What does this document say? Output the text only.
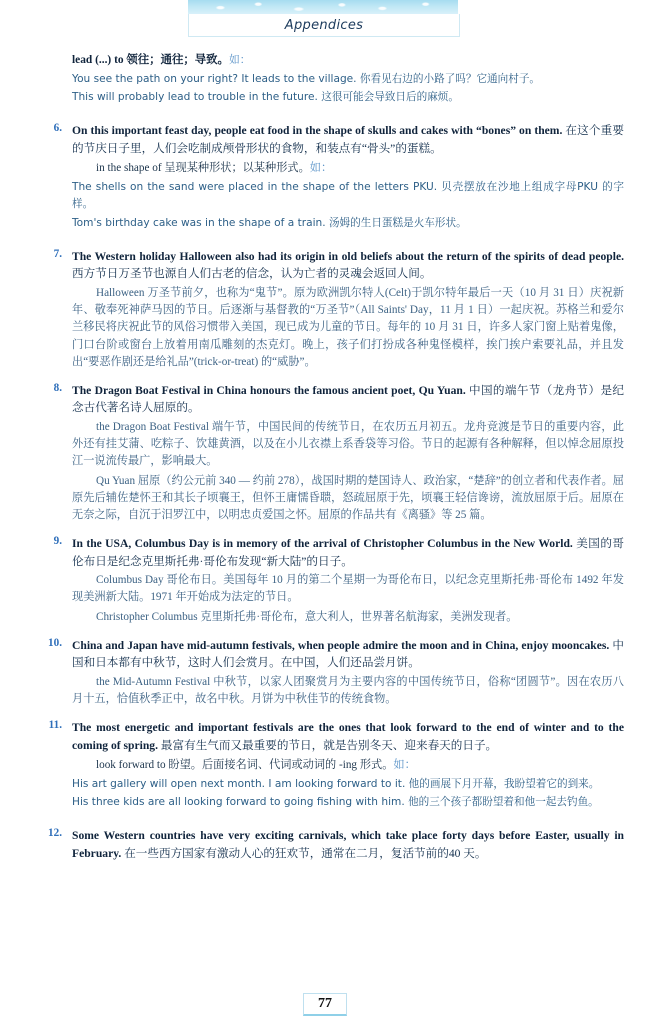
Appendices
lead (...) to 领往；通往；导致。如：
You see the path on your right? It leads to the village. 你看见右边的小路了吗？它通向村子。
This will probably lead to trouble in the future. 这很可能会导致日后的麻烦。
6. On this important feast day, people eat food in the shape of skulls and cakes with “bones” on them. 在这个重要的节庆日子里，人们会吃制成颅骨形状的食物，和装点有“骨头”的蛋糕。
in the shape of 呈现某种形状；以某种形式。如：
The shells on the sand were placed in the shape of the letters PKU. 贝壳摆放在沙地上组成字母PKU 的字样。
Tom's birthday cake was in the shape of a train. 汤姆的生日蛋糕是火车形状。
7. The Western holiday Halloween also had its origin in old beliefs about the return of the spirits of dead people. 西方节日万圣节也源自人们古老的信念，认为亡者的灵魂会返回人间。
Halloween 万圣节前夕，也称为“鬼节”。原为欧洲凯尔特人(Celt)于凯尔特年最后一天（10 月 31 日）庆祝新年、敬奉死神萨马因的节日。后逐渐与基督教的“万圣节”（All Saints' Day，11 月 1 日）一起庆祝。苏格兰和爱尔兰移民将庆祝此节的风俗习惯带入美国，现已成为儿童的节日。每年的 10 月 31 日，许多人家门窗上贴着鬼像，门口台阶或窗台上放着用南瓜雕刻的杰克灯。晚上，孩子们打扮成各种鬼怪模样，挨门挨户索要礼品，并且发出“要恶作剧还是给礼品”(trick-or-treat) 的“威胁”。
8. The Dragon Boat Festival in China honours the famous ancient poet, Qu Yuan. 中国的端午节（龙舟节）是纪念古代著名诗人屈原的。
the Dragon Boat Festival 端午节，中国民间的传统节日，在农历五月初五。龙舟竞渡是节日的重要内容，此外还有挂艾蒲、吃粽子、饮雄黄酒，以及在小儿衣襟上系香袋等习俗。节日的起源有各种解释，但以悼念屈原投江一说流传最广，影响最大。
Qu Yuan 屈原（约公元前 340 — 约前 278），战国时期的楚国诗人、政治家，“楚辞”的创立者和代表作者。屈原先后辅佐楚怀王和其长子顷襄王，但怀王庸懦昏聩，怒疏屈原于先，顷襄王轻信谗谤，流放屈原于后。屈原在无奈之际，自沉于汨罗江中，以明忠贞爱国之怀。屈原的作品共有《离骚》等 25 篇。
9. In the USA, Columbus Day is in memory of the arrival of Christopher Columbus in the New World. 美国的哥伦布日是纪念克里斯托弗·哥伦布发现“新大陆”的日子。
Columbus Day 哥伦布日。美国每年 10 月的第二个星期一为哥伦布日，以纪念克里斯托弗·哥伦布 1492 年发现美洲新大陆。1971 年开始成为法定的节日。
Christopher Columbus 克里斯托弗·哥伦布，意大利人，世界著名航海家，美洲发现者。
10. China and Japan have mid-autumn festivals, when people admire the moon and in China, enjoy mooncakes. 中国和日本都有中秋节，这时人们会赏月。在中国，人们还品尝月饼。
the Mid-Autumn Festival 中秋节，以家人团聚赏月为主要内容的中国传统节日，俗称“团圆节”。因在农历八月十五，恰值秋季正中，故名中秋。月饼为中秋佳节的传统食物。
11. The most energetic and important festivals are the ones that look forward to the end of winter and to the coming of spring. 最富有生气而又最重要的节日，就是告别冬天、迎来春天的日子。
look forward to 盼望。后面接名词、代词或动词的 -ing 形式。如：
His art gallery will open next month. I am looking forward to it. 他的画展下月开幕，我盼望着它的到来。
His three kids are all looking forward to going fishing with him. 他的三个孩子都盼望着和他一起去钓鱼。
12. Some Western countries have very exciting carnivals, which take place forty days before Easter, usually in February. 在一些西方国家有激动人心的狂欢节，通常在二月，复活节前的40 天。
77
